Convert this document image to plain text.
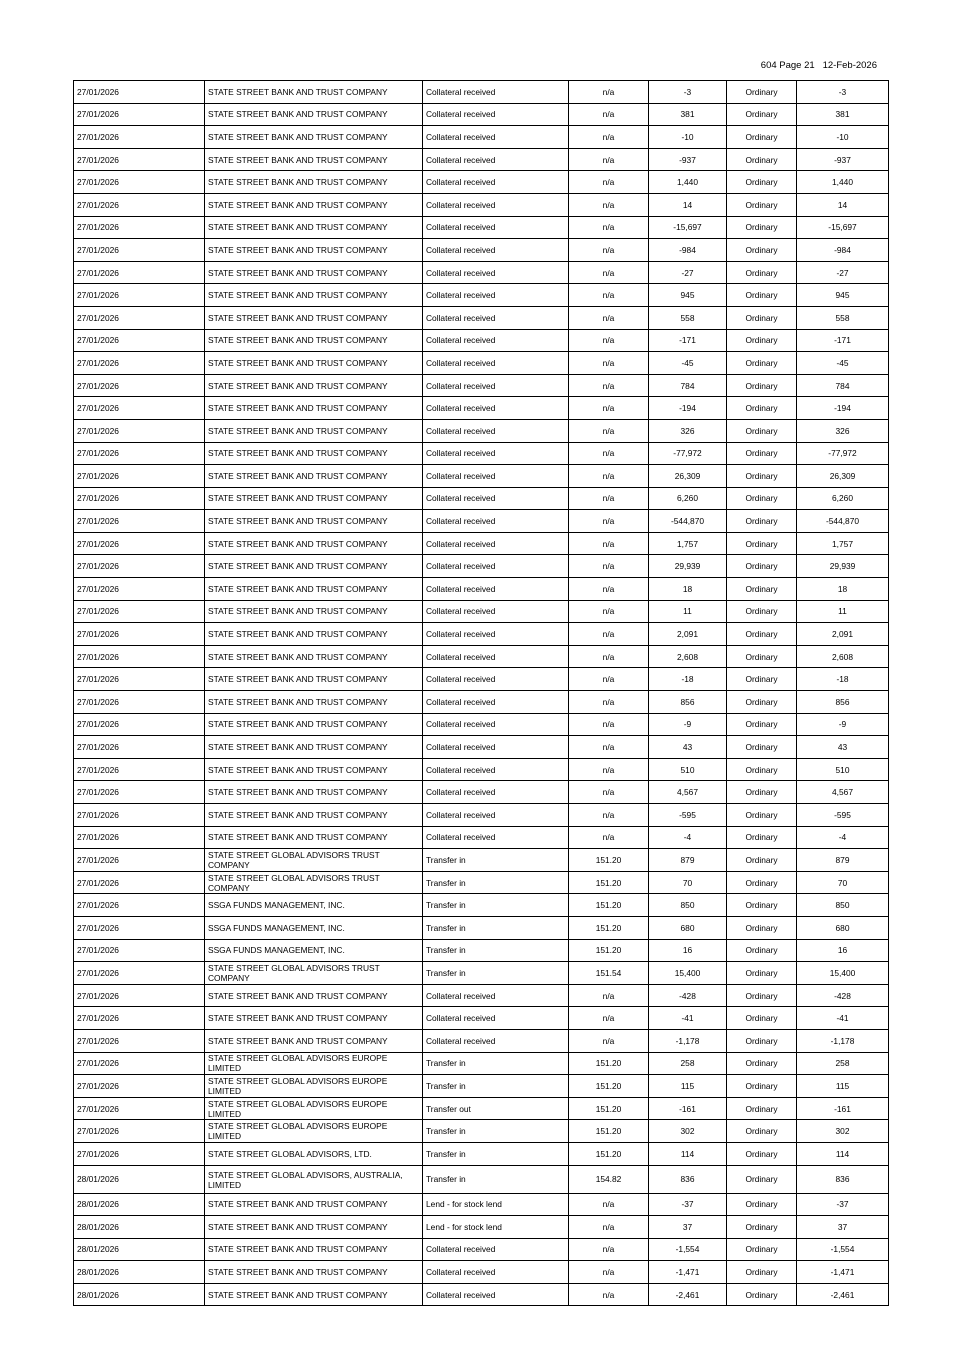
604 Page 21 12-Feb-2026
27/01/2026	STATE STREET BANK AND TRUST COMPANY	Collateral received	n/a	-3	Ordinary	-3
27/01/2026	STATE STREET BANK AND TRUST COMPANY	Collateral received	n/a	381	Ordinary	381
27/01/2026	STATE STREET BANK AND TRUST COMPANY	Collateral received	n/a	-10	Ordinary	-10
27/01/2026	STATE STREET BANK AND TRUST COMPANY	Collateral received	n/a	-937	Ordinary	-937
27/01/2026	STATE STREET BANK AND TRUST COMPANY	Collateral received	n/a	1,440	Ordinary	1,440
27/01/2026	STATE STREET BANK AND TRUST COMPANY	Collateral received	n/a	14	Ordinary	14
27/01/2026	STATE STREET BANK AND TRUST COMPANY	Collateral received	n/a	-15,697	Ordinary	-15,697
27/01/2026	STATE STREET BANK AND TRUST COMPANY	Collateral received	n/a	-984	Ordinary	-984
27/01/2026	STATE STREET BANK AND TRUST COMPANY	Collateral received	n/a	-27	Ordinary	-27
27/01/2026	STATE STREET BANK AND TRUST COMPANY	Collateral received	n/a	945	Ordinary	945
27/01/2026	STATE STREET BANK AND TRUST COMPANY	Collateral received	n/a	558	Ordinary	558
27/01/2026	STATE STREET BANK AND TRUST COMPANY	Collateral received	n/a	-171	Ordinary	-171
27/01/2026	STATE STREET BANK AND TRUST COMPANY	Collateral received	n/a	-45	Ordinary	-45
27/01/2026	STATE STREET BANK AND TRUST COMPANY	Collateral received	n/a	784	Ordinary	784
27/01/2026	STATE STREET BANK AND TRUST COMPANY	Collateral received	n/a	-194	Ordinary	-194
27/01/2026	STATE STREET BANK AND TRUST COMPANY	Collateral received	n/a	326	Ordinary	326
27/01/2026	STATE STREET BANK AND TRUST COMPANY	Collateral received	n/a	-77,972	Ordinary	-77,972
27/01/2026	STATE STREET BANK AND TRUST COMPANY	Collateral received	n/a	26,309	Ordinary	26,309
27/01/2026	STATE STREET BANK AND TRUST COMPANY	Collateral received	n/a	6,260	Ordinary	6,260
27/01/2026	STATE STREET BANK AND TRUST COMPANY	Collateral received	n/a	-544,870	Ordinary	-544,870
27/01/2026	STATE STREET BANK AND TRUST COMPANY	Collateral received	n/a	1,757	Ordinary	1,757
27/01/2026	STATE STREET BANK AND TRUST COMPANY	Collateral received	n/a	29,939	Ordinary	29,939
27/01/2026	STATE STREET BANK AND TRUST COMPANY	Collateral received	n/a	18	Ordinary	18
27/01/2026	STATE STREET BANK AND TRUST COMPANY	Collateral received	n/a	11	Ordinary	11
27/01/2026	STATE STREET BANK AND TRUST COMPANY	Collateral received	n/a	2,091	Ordinary	2,091
27/01/2026	STATE STREET BANK AND TRUST COMPANY	Collateral received	n/a	2,608	Ordinary	2,608
27/01/2026	STATE STREET BANK AND TRUST COMPANY	Collateral received	n/a	-18	Ordinary	-18
27/01/2026	STATE STREET BANK AND TRUST COMPANY	Collateral received	n/a	856	Ordinary	856
27/01/2026	STATE STREET BANK AND TRUST COMPANY	Collateral received	n/a	-9	Ordinary	-9
27/01/2026	STATE STREET BANK AND TRUST COMPANY	Collateral received	n/a	43	Ordinary	43
27/01/2026	STATE STREET BANK AND TRUST COMPANY	Collateral received	n/a	510	Ordinary	510
27/01/2026	STATE STREET BANK AND TRUST COMPANY	Collateral received	n/a	4,567	Ordinary	4,567
27/01/2026	STATE STREET BANK AND TRUST COMPANY	Collateral received	n/a	-595	Ordinary	-595
27/01/2026	STATE STREET BANK AND TRUST COMPANY	Collateral received	n/a	-4	Ordinary	-4
27/01/2026	STATE STREET GLOBAL ADVISORS TRUST COMPANY	Transfer in	151.20	879	Ordinary	879
27/01/2026	STATE STREET GLOBAL ADVISORS TRUST COMPANY	Transfer in	151.20	70	Ordinary	70
27/01/2026	SSGA FUNDS MANAGEMENT, INC.	Transfer in	151.20	850	Ordinary	850
27/01/2026	SSGA FUNDS MANAGEMENT, INC.	Transfer in	151.20	680	Ordinary	680
27/01/2026	SSGA FUNDS MANAGEMENT, INC.	Transfer in	151.20	16	Ordinary	16
27/01/2026	STATE STREET GLOBAL ADVISORS TRUST COMPANY	Transfer in	151.54	15,400	Ordinary	15,400
27/01/2026	STATE STREET BANK AND TRUST COMPANY	Collateral received	n/a	-428	Ordinary	-428
27/01/2026	STATE STREET BANK AND TRUST COMPANY	Collateral received	n/a	-41	Ordinary	-41
27/01/2026	STATE STREET BANK AND TRUST COMPANY	Collateral received	n/a	-1,178	Ordinary	-1,178
27/01/2026	STATE STREET GLOBAL ADVISORS EUROPE LIMITED	Transfer in	151.20	258	Ordinary	258
27/01/2026	STATE STREET GLOBAL ADVISORS EUROPE LIMITED	Transfer in	151.20	115	Ordinary	115
27/01/2026	STATE STREET GLOBAL ADVISORS EUROPE LIMITED	Transfer out	151.20	-161	Ordinary	-161
27/01/2026	STATE STREET GLOBAL ADVISORS EUROPE LIMITED	Transfer in	151.20	302	Ordinary	302
27/01/2026	STATE STREET GLOBAL ADVISORS, LTD.	Transfer in	151.20	114	Ordinary	114
28/01/2026	STATE STREET GLOBAL ADVISORS, AUSTRALIA, LIMITED	Transfer in	154.82	836	Ordinary	836
28/01/2026	STATE STREET BANK AND TRUST COMPANY	Lend - for stock lend	n/a	-37	Ordinary	-37
28/01/2026	STATE STREET BANK AND TRUST COMPANY	Lend - for stock lend	n/a	37	Ordinary	37
28/01/2026	STATE STREET BANK AND TRUST COMPANY	Collateral received	n/a	-1,554	Ordinary	-1,554
28/01/2026	STATE STREET BANK AND TRUST COMPANY	Collateral received	n/a	-1,471	Ordinary	-1,471
28/01/2026	STATE STREET BANK AND TRUST COMPANY	Collateral received	n/a	-2,461	Ordinary	-2,461
